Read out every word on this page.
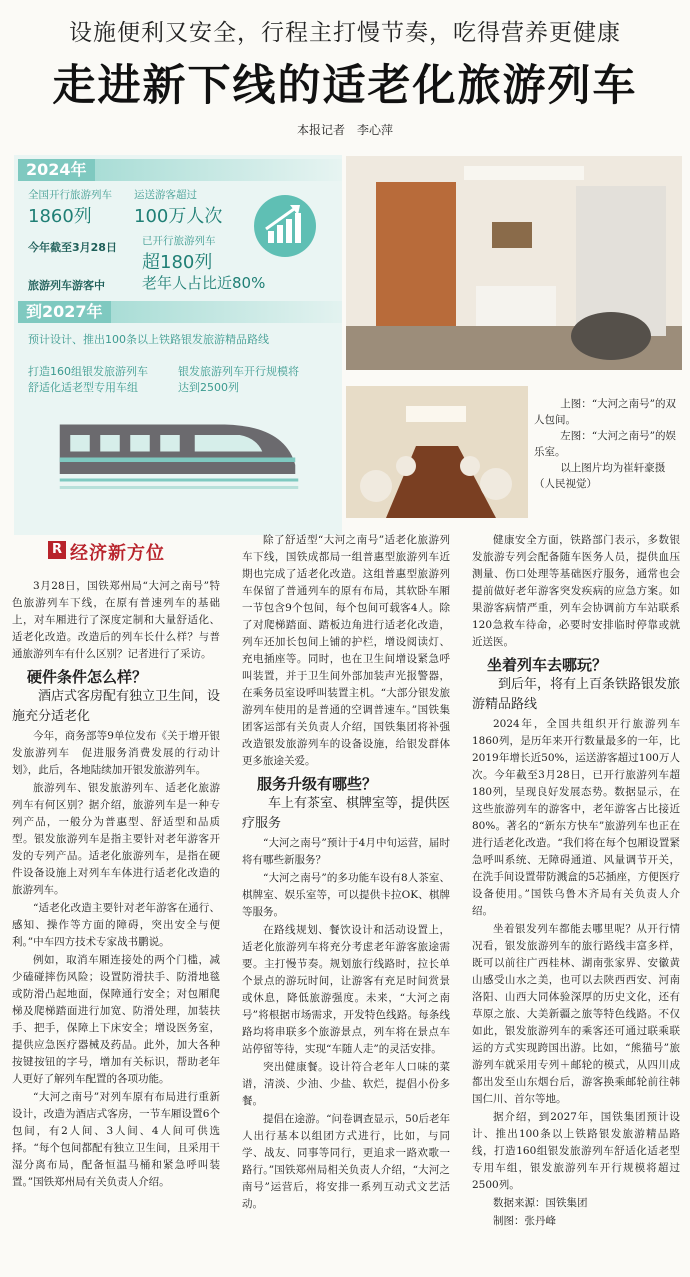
设施便利又安全，行程主打慢节奏，吃得营养更健康
走进新下线的适老化旅游列车
本报记者　李心萍
2024年
全国开行旅游列车
1860列
运送游客超过
100万人次
今年截至3月28日 已开行旅游列车
超180列
旅游列车游客中 老年人占比近80%
到2027年
预计设计、推出100条以上铁路银发旅游精品路线
打造160组银发旅游列车
舒适化适老型专用车组
银发旅游列车开行规模将
达到2500列

上图：“大河之南号”的双人包间。

左图：“大河之南号”的娱乐室。

以上图片均为崔轩豪摄（人民视觉）

R 经济新方位

3月28日，国铁郑州局“大河之南号”特色旅游列车下线，在原有普速列车的基础上，对车厢进行了深度定制和大量舒适化、适老化改造。改造后的列车长什么样？与普通旅游列车有什么区别？记者进行了采访。

硬件条件怎么样？

酒店式客房配有独立卫生间，设施充分适老化

今年，商务部等9单位发布《关于增开银发旅游列车　促进服务消费发展的行动计划》，此后，各地陆续加开银发旅游列车。

旅游列车、银发旅游列车、适老化旅游列车有何区别？据介绍，旅游列车是一种专列产品，一般分为普惠型、舒适型和品质型。银发旅游列车是指主要针对老年游客开发的专列产品。适老化旅游列车，是指在硬件设备设施上对列车车体进行适老化改造的旅游列车。

“适老化改造主要针对老年游客在通行、感知、操作等方面的障碍，突出安全与便利。”中车四方技术专家战书鹏说。

例如，取消车厢连接处的两个门槛，减少磕碰摔伤风险；设置防滑扶手、防滑地毯或防滑凸起地面，保障通行安全；对包厢爬梯及爬梯踏面进行加宽、防滑处理，加装扶手、把手，保障上下床安全；增设医务室，提供应急医疗器械及药品。此外，加大各种按键按钮的字号，增加有关标识，帮助老年人更好了解列车配置的各项功能。

“大河之南号”对列车原有布局进行重新设计，改造为酒店式客房，一节车厢设置6个包间，有2人间、3人间、4人间可供选择。“每个包间都配有独立卫生间，且采用干湿分离布局，配备恒温马桶和紧急呼叫装置。”国铁郑州局有关负责人介绍。

除了舒适型“大河之南号”适老化旅游列车下线，国铁成都局一组普惠型旅游列车近期也完成了适老化改造。这组普惠型旅游列车保留了普通列车的原有布局，其软卧车厢一节包含9个包间，每个包间可载客4人。除了对爬梯踏面、踏板边角进行适老化改造，列车还加长包间上铺的护栏，增设阅读灯、充电插座等。同时，也在卫生间增设紧急呼叫装置，并于卫生间外部加装声光报警器，在乘务员室设呼叫装置主机。“大部分银发旅游列车使用的是普通的空调普速车。”国铁集团客运部有关负责人介绍，国铁集团将补强改造银发旅游列车的设备设施，给银发群体更多旅途关爱。

服务升级有哪些？

车上有茶室、棋牌室等，提供医疗服务

“大河之南号”预计于4月中旬运营，届时将有哪些新服务？

“大河之南号”的多功能车设有8人茶室、棋牌室、娱乐室等，可以提供卡拉OK、棋牌等服务。

在路线规划、餐饮设计和活动设置上，适老化旅游列车将充分考虑老年游客旅途需要。主打慢节奏。规划旅行线路时，拉长单个景点的游玩时间，让游客有充足时间赏景或休息，降低旅游强度。未来，“大河之南号”将根据市场需求，开发特色线路。每条线路均将串联多个旅游景点，列车将在景点车站停留等待，实现“车随人走”的灵活安排。

突出健康餐。设计符合老年人口味的菜谱，清淡、少油、少盐、软烂，提倡小份多餐。

提倡在途游。“问卷调查显示，50后老年人出行基本以组团方式进行，比如，与同学、战友、同事等同行，更追求一路欢歌一路行。”国铁郑州局相关负责人介绍，“大河之南号”运营后，将安排一系列互动式文艺活动。

健康安全方面，铁路部门表示，多数银发旅游专列会配备随车医务人员，提供血压测量、伤口处理等基础医疗服务，通常也会提前做好老年游客突发疾病的应急方案。如果游客病情严重，列车会协调前方车站联系120急救车待命，必要时安排临时停靠或就近送医。

坐着列车去哪玩？

到后年，将有上百条铁路银发旅游精品路线

2024年，全国共组织开行旅游列车1860列，是历年来开行数量最多的一年，比2019年增长近50%，运送游客超过100万人次。今年截至3月28日，已开行旅游列车超180列，呈现良好发展态势。数据显示，在这些旅游列车的游客中，老年游客占比接近80%。著名的“新东方快车”旅游列车也正在进行适老化改造。“我们将在每个包厢设置紧急呼叫系统、无障碍通道、风量调节开关，在洗手间设置带防溅盒的5芯插座，方便医疗设备使用。”国铁乌鲁木齐局有关负责人介绍。

坐着银发列车都能去哪里呢？从开行情况看，银发旅游列车的旅行路线丰富多样，既可以前往广西桂林、湖南张家界、安徽黄山感受山水之美，也可以去陕西西安、河南洛阳、山西大同体验深厚的历史文化，还有草原之旅、大美新疆之旅等特色线路。不仅如此，银发旅游列车的乘客还可通过联乘联运的方式实现跨国出游。比如，“熊猫号”旅游列车就采用专列＋邮轮的模式，从四川成都出发至山东烟台后，游客换乘邮轮前往韩国仁川、首尔等地。

据介绍，到2027年，国铁集团预计设计、推出100条以上铁路银发旅游精品路线，打造160组银发旅游列车舒适化适老型专用车组，银发旅游列车开行规模将超过2500列。

数据来源：国铁集团

制图：张丹峰
